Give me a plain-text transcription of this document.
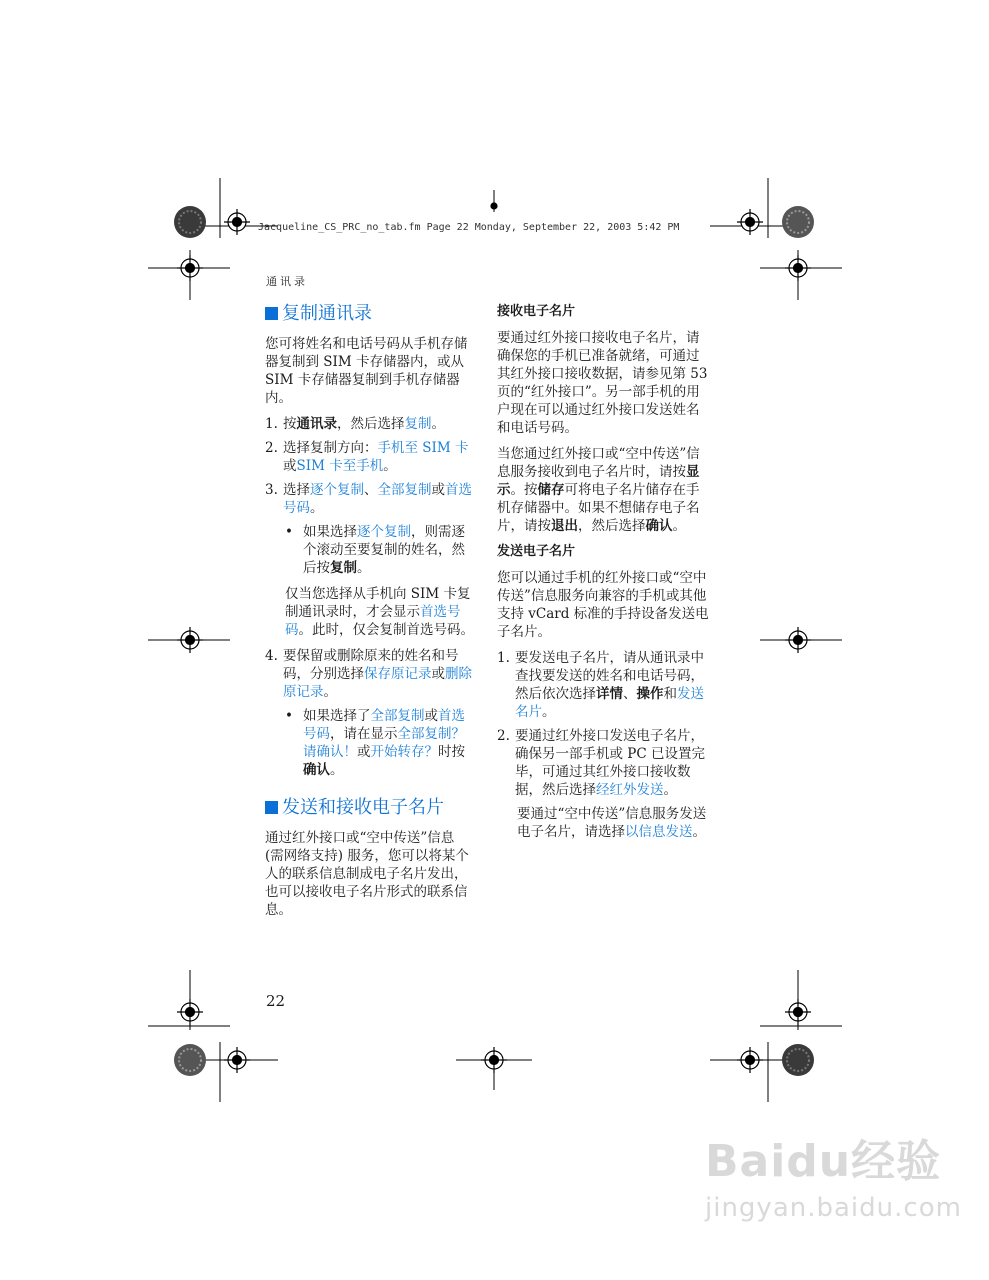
Jacqueline_CS_PRC_no_tab.fm Page 22 Monday, September 22, 2003 5:42 PM
通讯录
复制通讯录

您可将姓名和电话号码从手机存储器复制到 SIM 卡存储器内，或从 SIM 卡存储器复制到手机存储器内。

1. 按通讯录，然后选择复制。
2. 选择复制方向：手机至 SIM 卡或SIM 卡至手机。
3. 选择逐个复制、全部复制或首选号码。
• 如果选择逐个复制，则需逐个滚动至要复制的姓名，然后按复制。

仅当您选择从手机向 SIM 卡复制通讯录时，才会显示首选号码。此时，仅会复制首选号码。

4. 要保留或删除原来的姓名和号码，分别选择保存原记录或删除原记录。
• 如果选择了全部复制或首选号码，请在显示全部复制？请确认！或开始转存？时按确认。
发送和接收电子名片

通过红外接口或“空中传送”信息 (需网络支持) 服务，您可以将某个人的联系信息制成电子名片发出，也可以接收电子名片形式的联系信息。

接收电子名片

要通过红外接口接收电子名片，请确保您的手机已准备就绪，可通过其红外接口接收数据，请参见第 53 页的“红外接口”。另一部手机的用户现在可以通过红外接口发送姓名和电话号码。

当您通过红外接口或“空中传送”信息服务接收到电子名片时，请按显示。按储存可将电子名片储存在手机存储器中。如果不想储存电子名片，请按退出，然后选择确认。

发送电子名片

您可以通过手机的红外接口或“空中传送”信息服务向兼容的手机或其他支持 vCard 标准的手持设备发送电子名片。

1. 要发送电子名片，请从通讯录中查找要发送的姓名和电话号码，然后依次选择详情、操作和发送名片。
2. 要通过红外接口发送电子名片，确保另一部手机或 PC 已设置完毕，可通过其红外接口接收数据，然后选择经红外发送。

要通过“空中传送”信息服务发送电子名片，请选择以信息发送。

22
Baidu经验
jingyan.baidu.com
